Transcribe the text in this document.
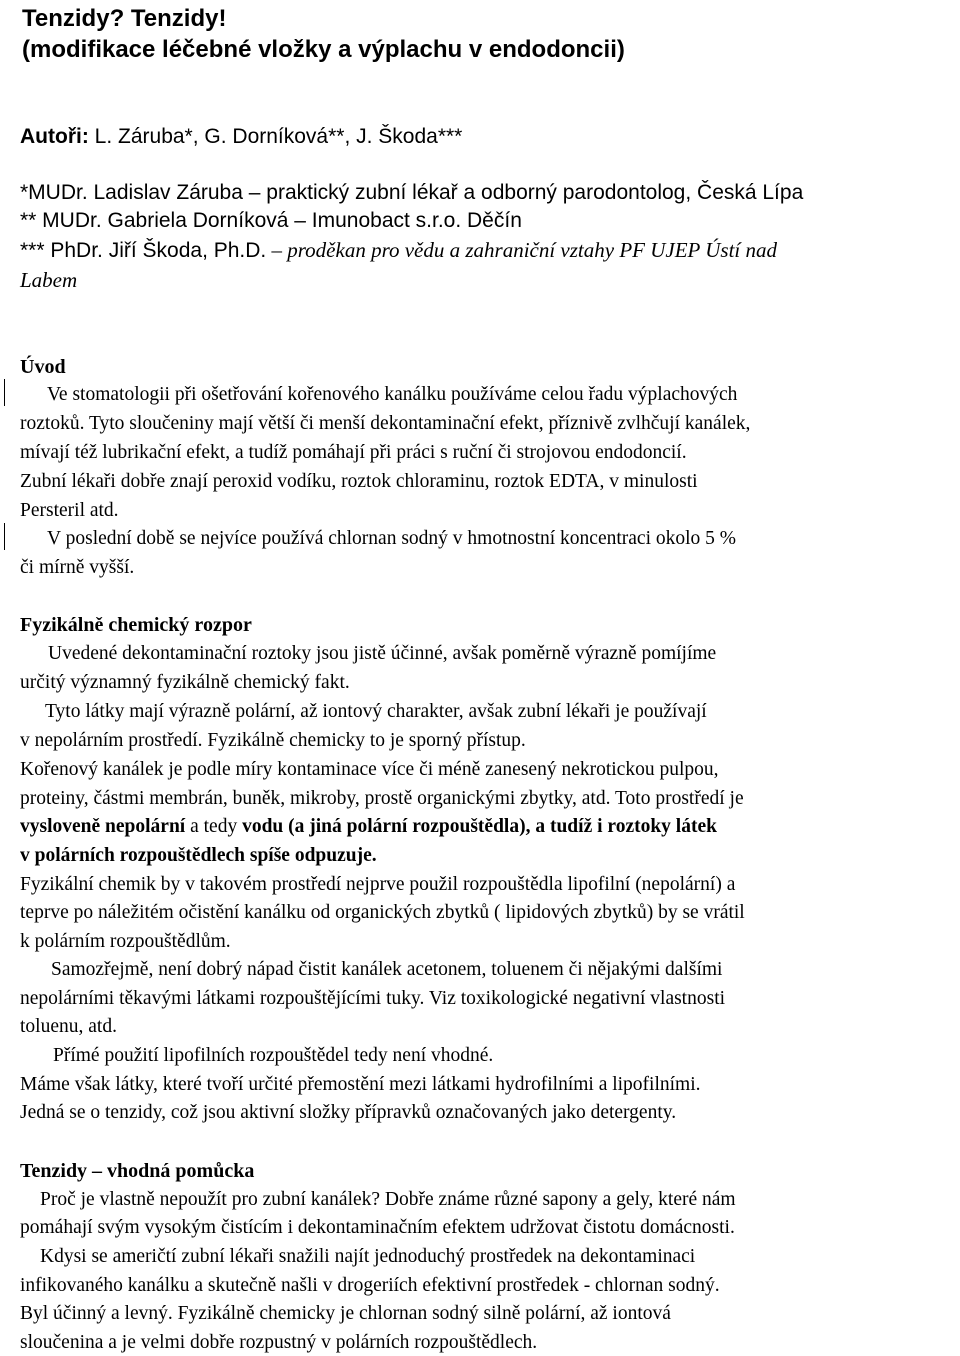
Tenzidy? Tenzidy!
(modifikace léčebné vložky a výplachu v endodoncii)
Autoři: L. Záruba*, G. Dorníková**, J. Škoda***
*MUDr. Ladislav Záruba – praktický zubní lékař a odborný parodontolog, Česká Lípa
** MUDr. Gabriela Dorníková – Imunobact s.r.o. Děčín
*** PhDr. Jiří Škoda, Ph.D. – proděkan pro vědu a zahraniční vztahy PF UJEP Ústí nad
Labem
Úvod
Ve stomatologii při ošetřování kořenového kanálku používáme celou řadu výplachových
roztoků. Tyto sloučeniny mají větší či menší dekontaminační efekt, příznivě zvlhčují kanálek,
mívají též lubrikační efekt, a tudíž pomáhají při práci s ruční či strojovou endodoncií.
Zubní lékaři dobře znají peroxid vodíku, roztok chloraminu, roztok EDTA, v minulosti
Persteril atd.
V poslední době se nejvíce používá chlornan sodný v hmotnostní koncentraci okolo 5 %
či mírně vyšší.
Fyzikálně chemický rozpor
Uvedené dekontaminační roztoky jsou jistě účinné, avšak poměrně výrazně pomíjíme
určitý významný fyzikálně chemický fakt.
Tyto látky mají výrazně polární, až iontový charakter, avšak zubní lékaři je používají
v nepolárním prostředí. Fyzikálně chemicky to je sporný přístup.
Kořenový kanálek je podle míry kontaminace více či méně zanesený nekrotickou pulpou,
proteiny, částmi membrán, buněk, mikroby, prostě organickými zbytky, atd. Toto prostředí je
vysloveně nepolární a tedy vodu (a jiná polární rozpouštědla), a tudíž i roztoky látek
v polárních rozpouštědlech spíše odpuzuje.
Fyzikální chemik by v takovém prostředí nejprve použil rozpouštědla lipofilní (nepolární) a
teprve po náležitém očistění kanálku od organických zbytků ( lipidových zbytků) by se vrátil
k polárním rozpouštědlům.
Samozřejmě, není dobrý nápad čistit kanálek acetonem, toluenem či nějakými dalšími
nepolárními těkavými látkami rozpouštějícími tuky. Viz toxikologické negativní vlastnosti
toluenu, atd.
Přímé použití lipofilních rozpouštědel tedy není vhodné.
Máme však látky, které tvoří určité přemostění mezi látkami hydrofilními a lipofilními.
Jedná se o tenzidy, což jsou aktivní složky přípravků označovaných jako detergenty.
Tenzidy – vhodná pomůcka
Proč je vlastně nepoužít pro zubní kanálek? Dobře známe různé sapony a gely, které nám
pomáhají svým vysokým čistícím i dekontaminačním efektem udržovat čistotu domácnosti.
Kdysi se američtí zubní lékaři snažili najít jednoduchý prostředek na dekontaminaci
infikovaného kanálku a skutečně našli v drogeriích efektivní prostředek - chlornan sodný.
Byl účinný a levný. Fyzikálně chemicky je chlornan sodný silně polární, až iontová
sloučenina a je velmi dobře rozpustný v polárních rozpouštědlech.
